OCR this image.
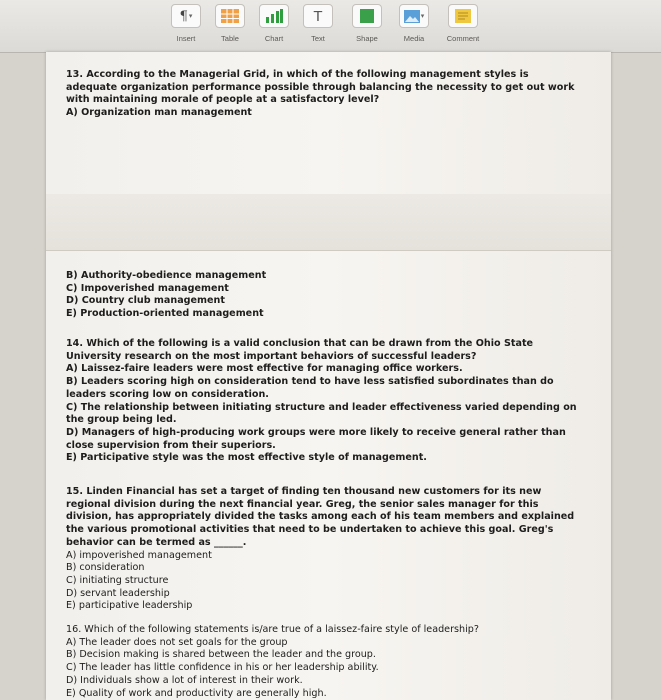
¶ ▾
Insert	Table	Chart
T
Text	Shape
▾
Media	Comment

13. According to the Managerial Grid, in which of the following management styles is

adequate organization performance possible through balancing the necessity to get out work

with maintaining morale of people at a satisfactory level?

A) Organization man management

B) Authority-obedience management

C) Impoverished management

D) Country club management

E) Production-oriented management

14. Which of the following is a valid conclusion that can be drawn from the Ohio State

University research on the most important behaviors of successful leaders?

A) Laissez-faire leaders were most effective for managing office workers.

B) Leaders scoring high on consideration tend to have less satisfied subordinates than do

leaders scoring low on consideration.

C) The relationship between initiating structure and leader effectiveness varied depending on

the group being led.

D) Managers of high-producing work groups were more likely to receive general rather than

close supervision from their superiors.

E) Participative style was the most effective style of management.

15. Linden Financial has set a target of finding ten thousand new customers for its new

regional division during the next financial year. Greg, the senior sales manager for this

division, has appropriately divided the tasks among each of his team members and explained

the various promotional activities that need to be undertaken to achieve this goal. Greg's

behavior can be termed as ______.

A) impoverished management

B) consideration

C) initiating structure

D) servant leadership

E) participative leadership

16. Which of the following statements is/are true of a laissez-faire style of leadership?

A) The leader does not set goals for the group

B) Decision making is shared between the leader and the group.

C) The leader has little confidence in his or her leadership ability.

D) Individuals show a lot of interest in their work.

E) Quality of work and productivity are generally high.
